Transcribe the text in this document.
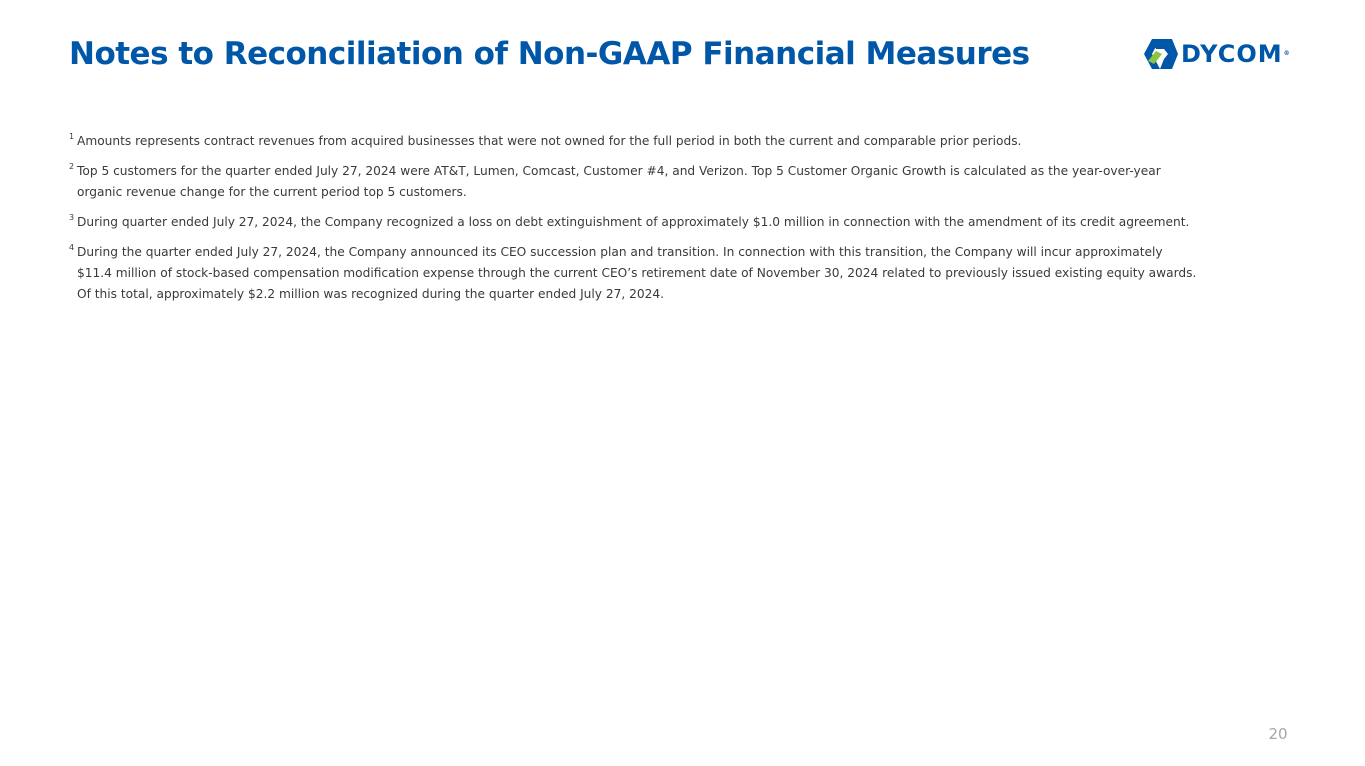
Notes to Reconciliation of Non-GAAP Financial Measures	DYCOM®
1 Amounts represents contract revenues from acquired businesses that were not owned for the full period in both the current and comparable prior periods.
2 Top 5 customers for the quarter ended July 27, 2024 were AT&T, Lumen, Comcast, Customer #4, and Verizon. Top 5 Customer Organic Growth is calculated as the year-over-year
organic revenue change for the current period top 5 customers.
3 During quarter ended July 27, 2024, the Company recognized a loss on debt extinguishment of approximately $1.0 million in connection with the amendment of its credit agreement.
4 During the quarter ended July 27, 2024, the Company announced its CEO succession plan and transition. In connection with this transition, the Company will incur approximately
$11.4 million of stock-based compensation modification expense through the current CEO’s retirement date of November 30, 2024 related to previously issued existing equity awards.
Of this total, approximately $2.2 million was recognized during the quarter ended July 27, 2024.
20
